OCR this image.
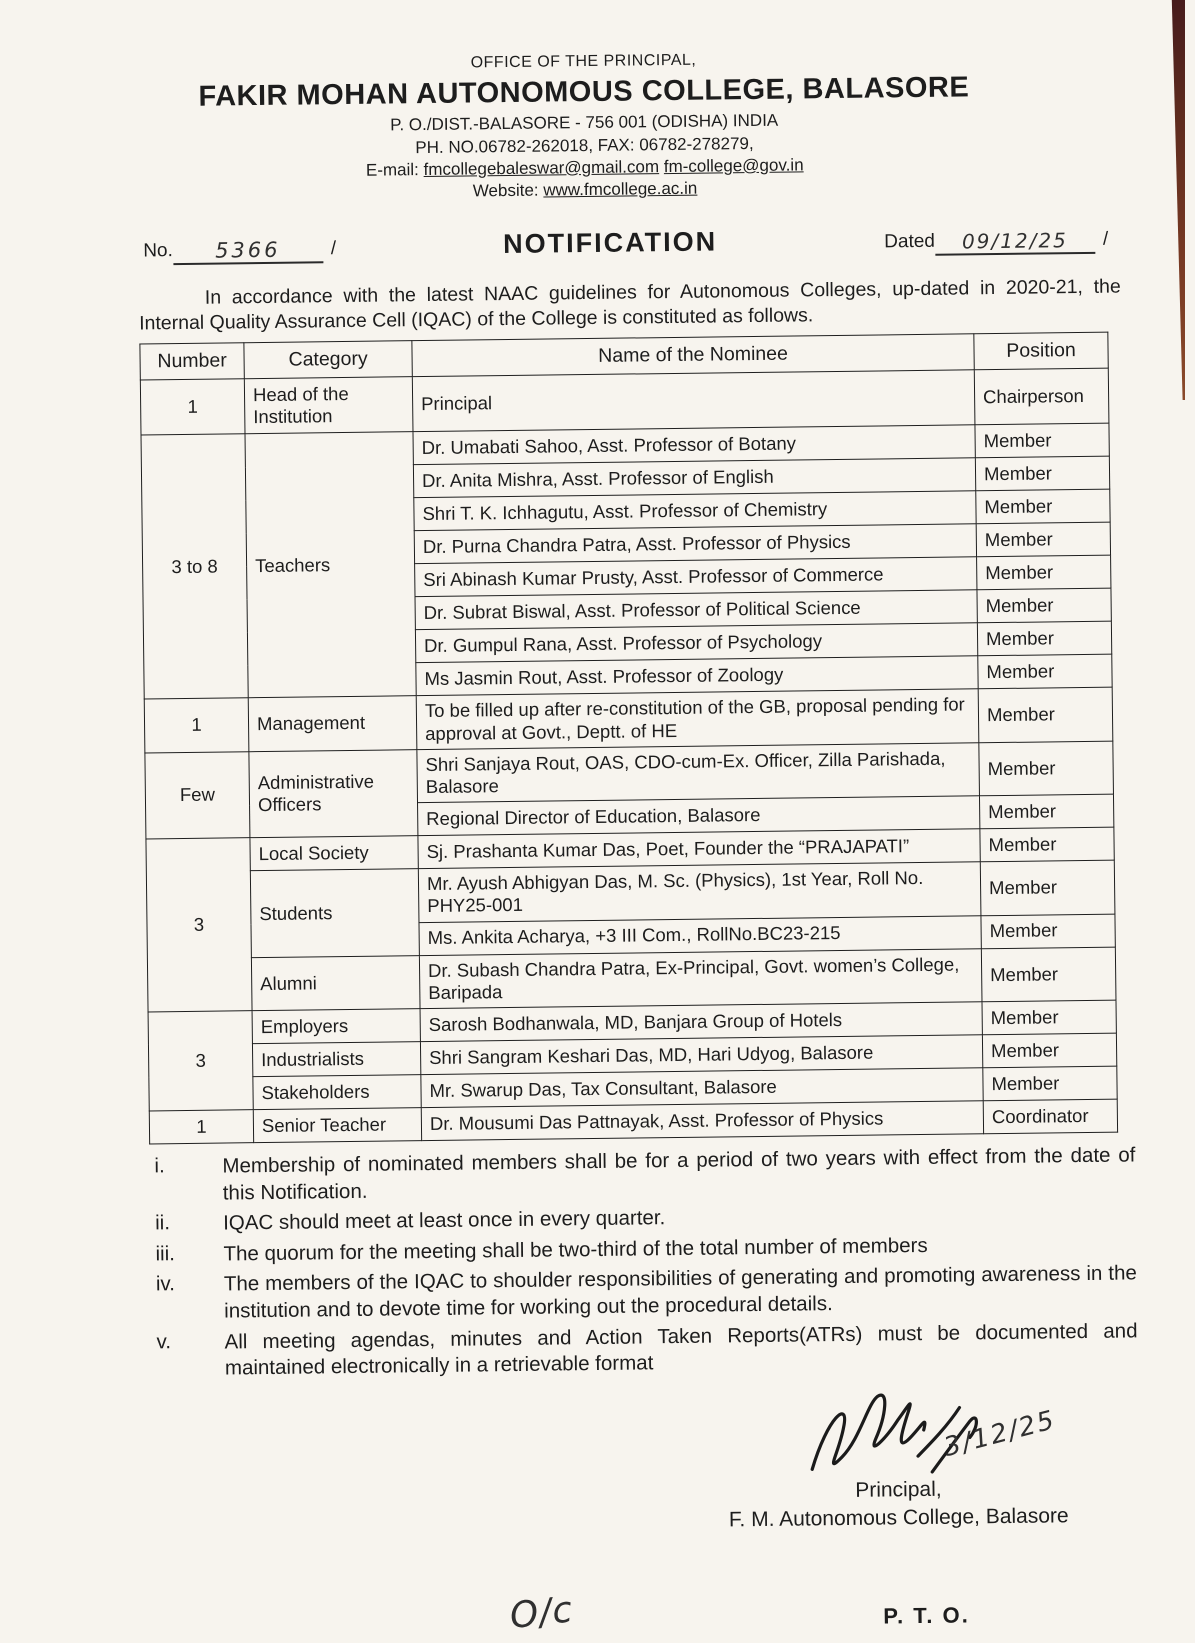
OFFICE OF THE PRINCIPAL,
FAKIR MOHAN AUTONOMOUS COLLEGE, BALASORE
P. O./DIST.-BALASORE - 756 001 (ODISHA) INDIA
PH. NO.06782-262018, FAX: 06782-278279,
E-mail: fmcollegebaleswar@gmail.com fm-college@gov.in
Website: www.fmcollege.ac.in
No.	5366	/	NOTIFICATION	Dated	09/12/25	/
In accordance with the latest NAAC guidelines for Autonomous Colleges, up-dated in 2020-21, the Internal Quality Assurance Cell (IQAC) of the College is constituted as follows.
Number	Category	Name of the Nominee	Position
1	Head of the Institution	Principal	Chairperson
3 to 8	Teachers	Dr. Umabati Sahoo, Asst. Professor of Botany	Member
		Dr. Anita Mishra, Asst. Professor of English	Member
		Shri T. K. Ichhagutu, Asst. Professor of Chemistry	Member
		Dr. Purna Chandra Patra, Asst. Professor of Physics	Member
		Sri Abinash Kumar Prusty, Asst. Professor of Commerce	Member
		Dr. Subrat Biswal, Asst. Professor of Political Science	Member
		Dr. Gumpul Rana, Asst. Professor of Psychology	Member
		Ms Jasmin Rout, Asst. Professor of Zoology	Member
1	Management	To be filled up after re-constitution of the GB, proposal pending for approval at Govt., Deptt. of HE	Member
Few	Administrative Officers	Shri Sanjaya Rout, OAS, CDO-cum-Ex. Officer, Zilla Parishada, Balasore	Member
		Regional Director of Education, Balasore	Member
3	Local Society	Sj. Prashanta Kumar Das, Poet, Founder the “PRAJAPATI”	Member
	Students	Mr. Ayush Abhigyan Das, M. Sc. (Physics), 1st Year, Roll No. PHY25-001	Member
		Ms. Ankita Acharya, +3 III Com., RollNo.BC23-215	Member
	Alumni	Dr. Subash Chandra Patra, Ex-Principal, Govt. women’s College, Baripada	Member
3	Employers	Sarosh Bodhanwala, MD, Banjara Group of Hotels	Member
	Industrialists	Shri Sangram Keshari Das, MD, Hari Udyog, Balasore	Member
	Stakeholders	Mr. Swarup Das, Tax Consultant, Balasore	Member
1	Senior Teacher	Dr. Mousumi Das Pattnayak, Asst. Professor of Physics	Coordinator
i.	Membership of nominated members shall be for a period of two years with effect from the date of this Notification.
ii.	IQAC should meet at least once in every quarter.
iii.	The quorum for the meeting shall be two-third of the total number of members
iv.	The members of the IQAC to shoulder responsibilities of generating and promoting awareness in the institution and to devote time for working out the procedural details.
v.	All meeting agendas, minutes and Action Taken Reports(ATRs) must be documented and maintained electronically in a retrievable format
3/12/25
Principal,
F. M. Autonomous College, Balasore
O/c	P. T. O.
